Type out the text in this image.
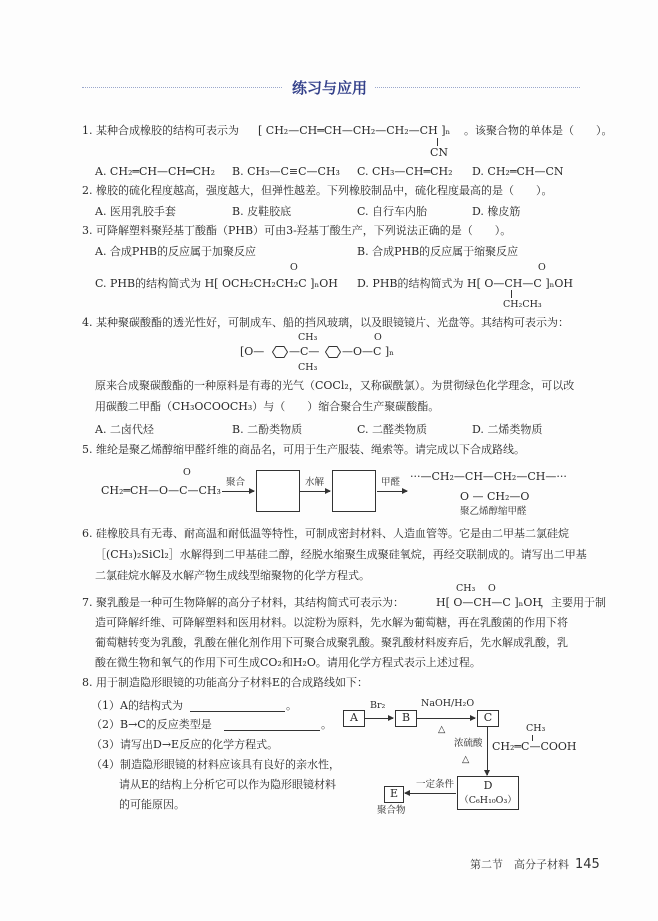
练习与应用
1. 某种合成橡胶的结构可表示为 [ CH₂—CH═CH—CH₂—CH₂—CH ]ₙ
CN
。该聚合物的单体是（　　）。
A. CH₂═CH—CH═CH₂ B. CH₃—C≡C—CH₃ C. CH₃—CH═CH₂ D. CH₂═CH—CN
2. 橡胶的硫化程度越高，强度越大，但弹性越差。下列橡胶制品中，硫化程度最高的是（　　）。
A. 医用乳胶手套	B. 皮鞋胶底	C. 自行车内胎	D. 橡皮筋
3. 可降解塑料聚羟基丁酸酯（PHB）可由3-羟基丁酸生产，下列说法正确的是（　　）。
A. 合成PHB的反应属于加聚反应	B. 合成PHB的反应属于缩聚反应
O
C. PHB的结构简式为 H[ OCH₂CH₂CH₂C ]ₙOH
O
D. PHB的结构简式为 H[ O—CH—C ]ₙOH
CH₂CH₃
4. 某种聚碳酸酯的透光性好，可制成车、船的挡风玻璃，以及眼镜镜片、光盘等。其结构可表示为：
[O— —C— —O—C ]ₙ
CH₃
CH₃
O
原来合成聚碳酸酯的一种原料是有毒的光气（COCl₂，又称碳酰氯）。为贯彻绿色化学理念，可以改
用碳酸二甲酯（CH₃OCOOCH₃）与（　　）缩合聚合生产聚碳酸酯。
A. 二卤代烃	B. 二酚类物质	C. 二醛类物质	D. 二烯类物质
5. 维纶是聚乙烯醇缩甲醛纤维的商品名，可用于生产服装、绳索等。请完成以下合成路线。
O
CH₂═CH—O—C—CH₃
聚合	水解	甲醛 ···—CH₂—CH—CH₂—CH—···
O — CH₂—O
聚乙烯醇缩甲醛
6. 硅橡胶具有无毒、耐高温和耐低温等特性，可制成密封材料、人造血管等。它是由二甲基二氯硅烷
［(CH₃)₂SiCl₂］水解得到二甲基硅二醇，经脱水缩聚生成聚硅氧烷，再经交联制成的。请写出二甲基
二氯硅烷水解及水解产物生成线型缩聚物的化学方程式。
7. 聚乳酸是一种可生物降解的高分子材料，其结构简式可表示为：
CH₃ O
H[ O—CH—C ]ₙOH
，主要用于制
造可降解纤维、可降解塑料和医用材料。以淀粉为原料，先水解为葡萄糖，再在乳酸菌的作用下将
葡萄糖转变为乳酸，乳酸在催化剂作用下可聚合成聚乳酸。聚乳酸材料废弃后，先水解成乳酸，乳
酸在微生物和氧气的作用下可生成CO₂和H₂O。请用化学方程式表示上述过程。
8. 用于制造隐形眼镜的功能高分子材料E的合成路线如下：
（1）A的结构式为	。
（2）B→C的反应类型是	。
（3）请写出D→E反应的化学方程式。
（4）制造隐形眼镜的材料应该具有良好的亲水性，
请从E的结构上分析它可以作为隐形眼镜材料
的可能原因。
A
Br₂
B
NaOH/H₂O
△
C
浓硫酸
△
CH₃
CH₂═C—COOH
D
（C₆H₁₀O₃）
一定条件
E
聚合物
第二节　高分子材料 145
